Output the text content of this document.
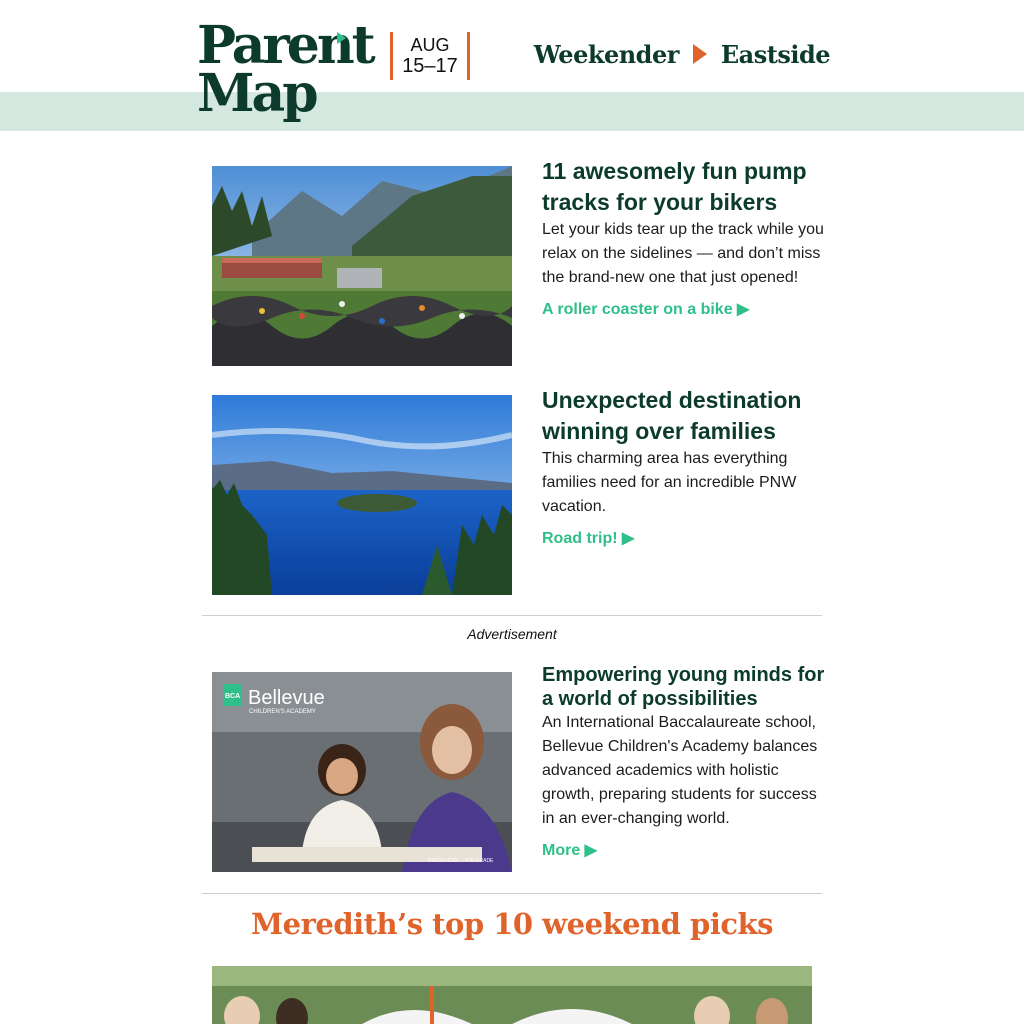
Parent
Map
AUG
15–17	Weekender Eastside
11 awesomely fun pump tracks for your bikers

Let your kids tear up the track while you relax on the sidelines — and don’t miss the brand-new one that just opened!

A roller coaster on a bike ▶
Unexpected destination winning over families

This charming area has everything families need for an incredible PNW vacation.

Road trip! ▶
Advertisement
BCA Bellevue
CHILDREN'S ACADEMY
PRESCHOOL – 4TH GRADE
Empowering young minds for a world of possibilities

An International Baccalaureate school, Bellevue Children's Academy balances advanced academics with holistic growth, preparing students for success in an ever-changing world.

More ▶
Meredith’s top 10 weekend picks
